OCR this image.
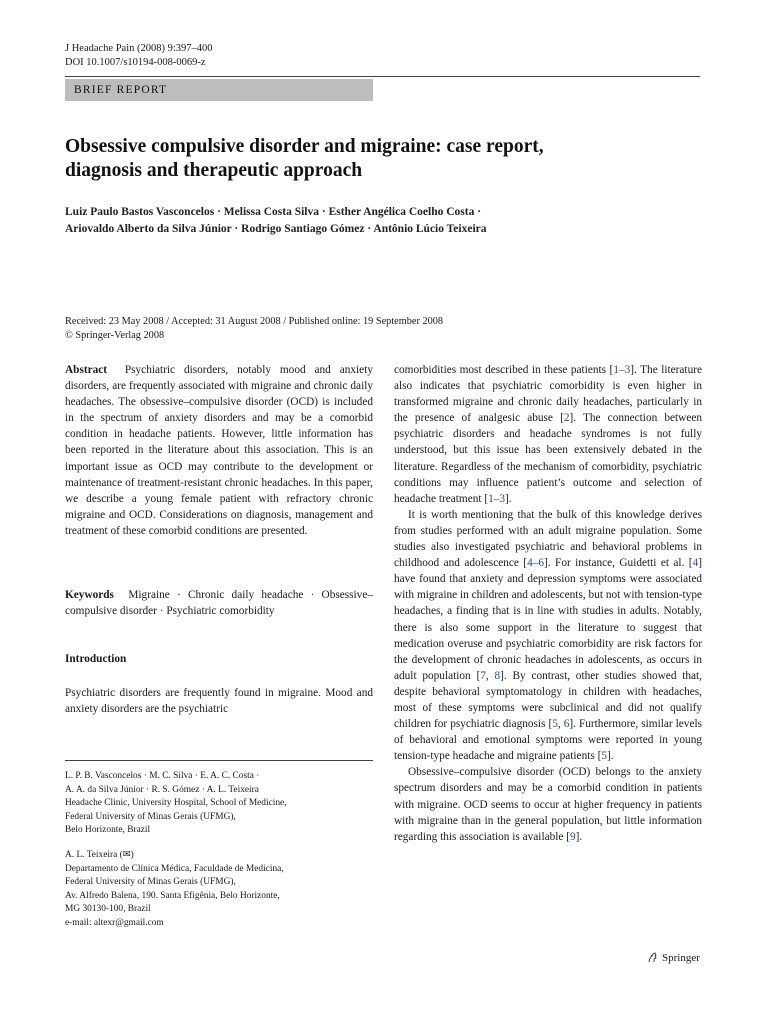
J Headache Pain (2008) 9:397–400
DOI 10.1007/s10194-008-0069-z
BRIEF REPORT
Obsessive compulsive disorder and migraine: case report,
diagnosis and therapeutic approach
Luiz Paulo Bastos Vasconcelos · Melissa Costa Silva · Esther Angélica Coelho Costa ·
Ariovaldo Alberto da Silva Júnior · Rodrigo Santiago Gómez · Antônio Lúcio Teixeira
Received: 23 May 2008 / Accepted: 31 August 2008 / Published online: 19 September 2008
© Springer-Verlag 2008
Abstract Psychiatric disorders, notably mood and anxiety disorders, are frequently associated with migraine and chronic daily headaches. The obsessive–compulsive disorder (OCD) is included in the spectrum of anxiety disorders and may be a comorbid condition in headache patients. However, little information has been reported in the literature about this association. This is an important issue as OCD may contribute to the development or maintenance of treatment-resistant chronic headaches. In this paper, we describe a young female patient with refractory chronic migraine and OCD. Considerations on diagnosis, management and treatment of these comorbid conditions are presented.
Keywords Migraine · Chronic daily headache · Obsessive–compulsive disorder · Psychiatric comorbidity
Introduction
Psychiatric disorders are frequently found in migraine. Mood and anxiety disorders are the psychiatric
L. P. B. Vasconcelos · M. C. Silva · E. A. C. Costa ·
A. A. da Silva Júnior · R. S. Gómez · A. L. Teixeira
Headache Clinic, University Hospital, School of Medicine,
Federal University of Minas Gerais (UFMG),
Belo Horizonte, Brazil
A. L. Teixeira (✉)
Departamento de Clínica Médica, Faculdade de Medicina,
Federal University of Minas Gerais (UFMG),
Av. Alfredo Balena, 190. Santa Efigênia, Belo Horizonte,
MG 30130-100, Brazil
e-mail: altexr@gmail.com

comorbidities most described in these patients [1–3]. The literature also indicates that psychiatric comorbidity is even higher in transformed migraine and chronic daily headaches, particularly in the presence of analgesic abuse [2]. The connection between psychiatric disorders and headache syndromes is not fully understood, but this issue has been extensively debated in the literature. Regardless of the mechanism of comorbidity, psychiatric conditions may influence patient’s outcome and selection of headache treatment [1–3].

It is worth mentioning that the bulk of this knowledge derives from studies performed with an adult migraine population. Some studies also investigated psychiatric and behavioral problems in childhood and adolescence [4–6]. For instance, Guidetti et al. [4] have found that anxiety and depression symptoms were associated with migraine in children and adolescents, but not with tension-type headaches, a finding that is in line with studies in adults. Notably, there is also some support in the literature to suggest that medication overuse and psychiatric comorbidity are risk factors for the development of chronic headaches in adolescents, as occurs in adult population [7, 8]. By contrast, other studies showed that, despite behavioral symptomatology in children with headaches, most of these symptoms were subclinical and did not qualify children for psychiatric diagnosis [5, 6]. Furthermore, similar levels of behavioral and emotional symptoms were reported in young tension-type headache and migraine patients [5].

Obsessive–compulsive disorder (OCD) belongs to the anxiety spectrum disorders and may be a comorbid condition in patients with migraine. OCD seems to occur at higher frequency in patients with migraine than in the general population, but little information regarding this association is available [9].

Springer
